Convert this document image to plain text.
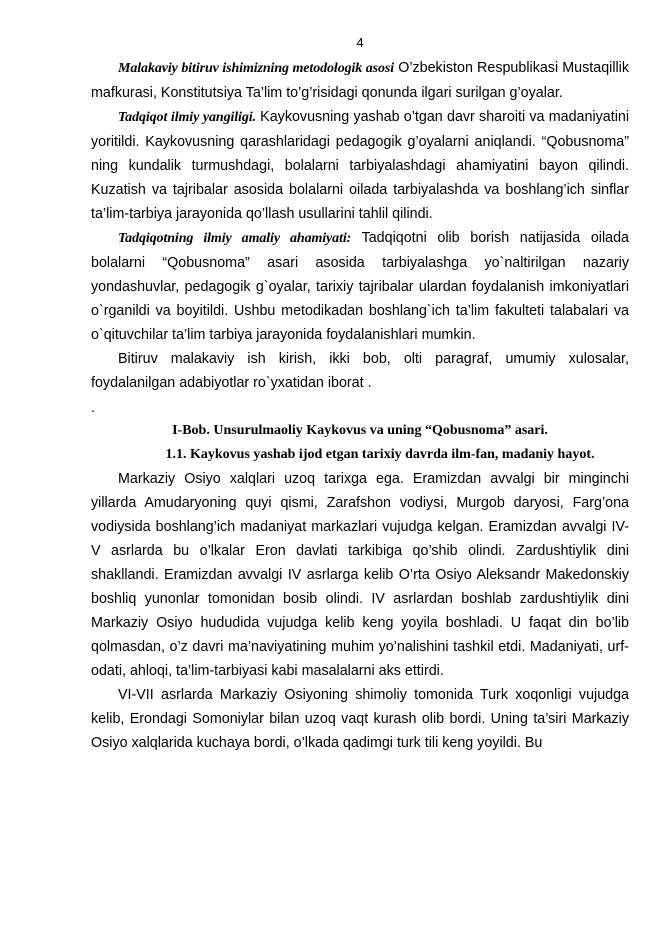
4

Malakaviy bitiruv ishimizning metodologik asosi O’zbekiston Respublikasi Mustaqillik mafkurasi, Konstitutsiya Ta’lim to’g’risidagi qonunda ilgari surilgan g’oyalar.

Tadqiqot ilmiy yangiligi. Kaykovusning yashab o’tgan davr sharoiti va madaniyatini yoritildi. Kaykovusning qarashlaridagi pedagogik g’oyalarni aniqlandi. “Qobusnoma” ning kundalik turmushdagi, bolalarni tarbiyalashdagi ahamiyatini bayon qilindi. Kuzatish va tajribalar asosida bolalarni oilada tarbiyalashda va boshlang’ich sinflar ta’lim-tarbiya jarayonida qo’llash usullarini tahlil qilindi.

Tadqiqotning ilmiy amaliy ahamiyati: Tadqiqotni olib borish natijasida oilada bolalarni “Qobusnoma” asari asosida tarbiyalashga yo`naltirilgan nazariy yondashuvlar, pedagogik g`oyalar, tarixiy tajribalar ulardan foydalanish imkoniyatlari o`rganildi va boyitildi. Ushbu metodikadan boshlang`ich ta’lim fakulteti talabalari va o`qituvchilar ta’lim tarbiya jarayonida foydalanishlari mumkin.

Bitiruv malakaviy ish kirish, ikki bob, olti paragraf, umumiy xulosalar, foydalanilgan adabiyotlar ro`yxatidan iborat .

.

I-Bob. Unsurulmaoliy Kaykovus va uning “Qobusnoma” asari.

1.1. Kaykovus yashab ijod etgan tarixiy davrda ilm-fan, madaniy hayot.

Markaziy Osiyo xalqlari uzoq tarixga ega. Eramizdan avvalgi bir minginchi yillarda Amudaryoning quyi qismi, Zarafshon vodiysi, Murgob daryosi, Farg’ona vodiysida boshlang’ich madaniyat markazlari vujudga kelgan. Eramizdan avvalgi IV-V asrlarda bu o’lkalar Eron davlati tarkibiga qo’shib olindi. Zardushtiylik dini shakllandi. Eramizdan avvalgi IV asrlarga kelib O’rta Osiyo Aleksandr Makedonskiy boshliq yunonlar tomonidan bosib olindi. IV asrlardan boshlab zardushtiylik dini Markaziy Osiyo hududida vujudga kelib keng yoyila boshladi. U faqat din bo’lib qolmasdan, o’z davri ma’naviyatining muhim yo’nalishini tashkil etdi. Madaniyati, urf-odati, ahloqi, ta’lim-tarbiyasi kabi masalalarni aks ettirdi.

VI-VII asrlarda Markaziy Osiyoning shimoliy tomonida Turk xoqonligi vujudga kelib, Erondagi Somoniylar bilan uzoq vaqt kurash olib bordi. Uning ta’siri Markaziy Osiyo xalqlarida kuchaya bordi, o’lkada qadimgi turk tili keng yoyildi. Bu
